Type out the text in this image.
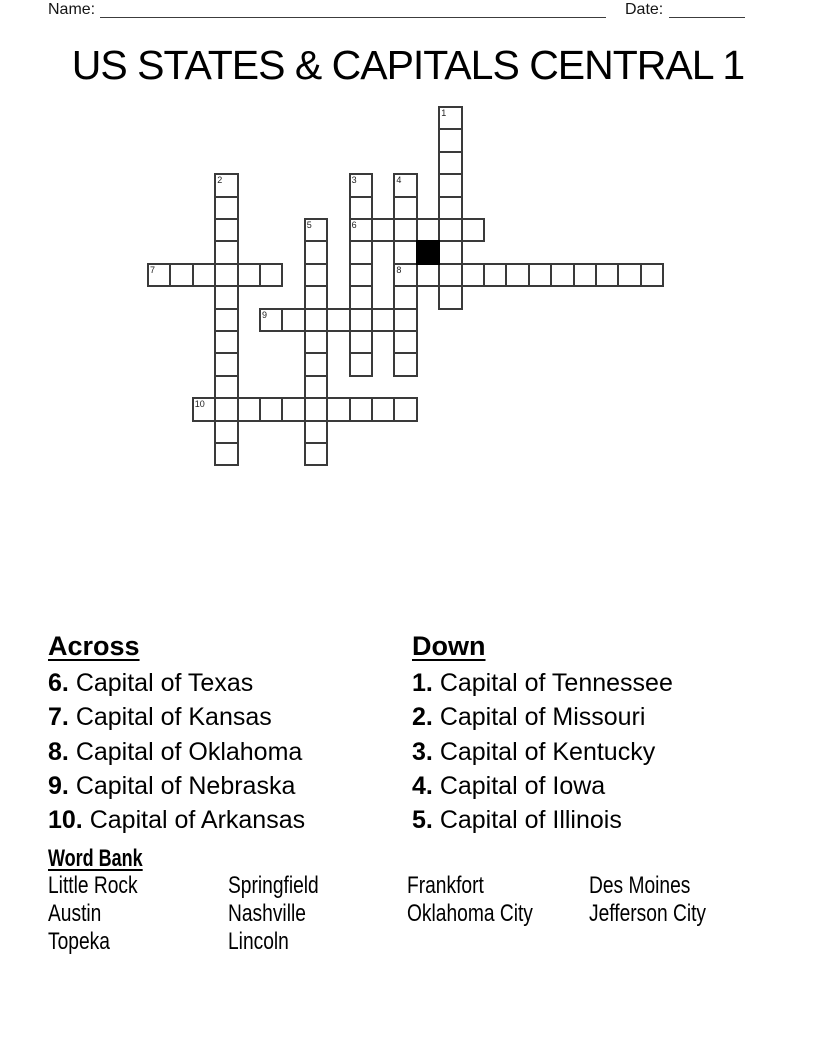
Name:	Date:
US STATES & CAPITALS CENTRAL 1
1
2	3
6
4
8
5
7
9
10
Across
6. Capital of Texas
7. Capital of Kansas
8. Capital of Oklahoma
9. Capital of Nebraska
10. Capital of Arkansas
Down
1. Capital of Tennessee
2. Capital of Missouri
3. Capital of Kentucky
4. Capital of Iowa
5. Capital of Illinois
Word Bank
Little Rock
Austin
Topeka
Springfield
Nashville
Lincoln
Frankfort
Oklahoma City
Des Moines
Jefferson City
